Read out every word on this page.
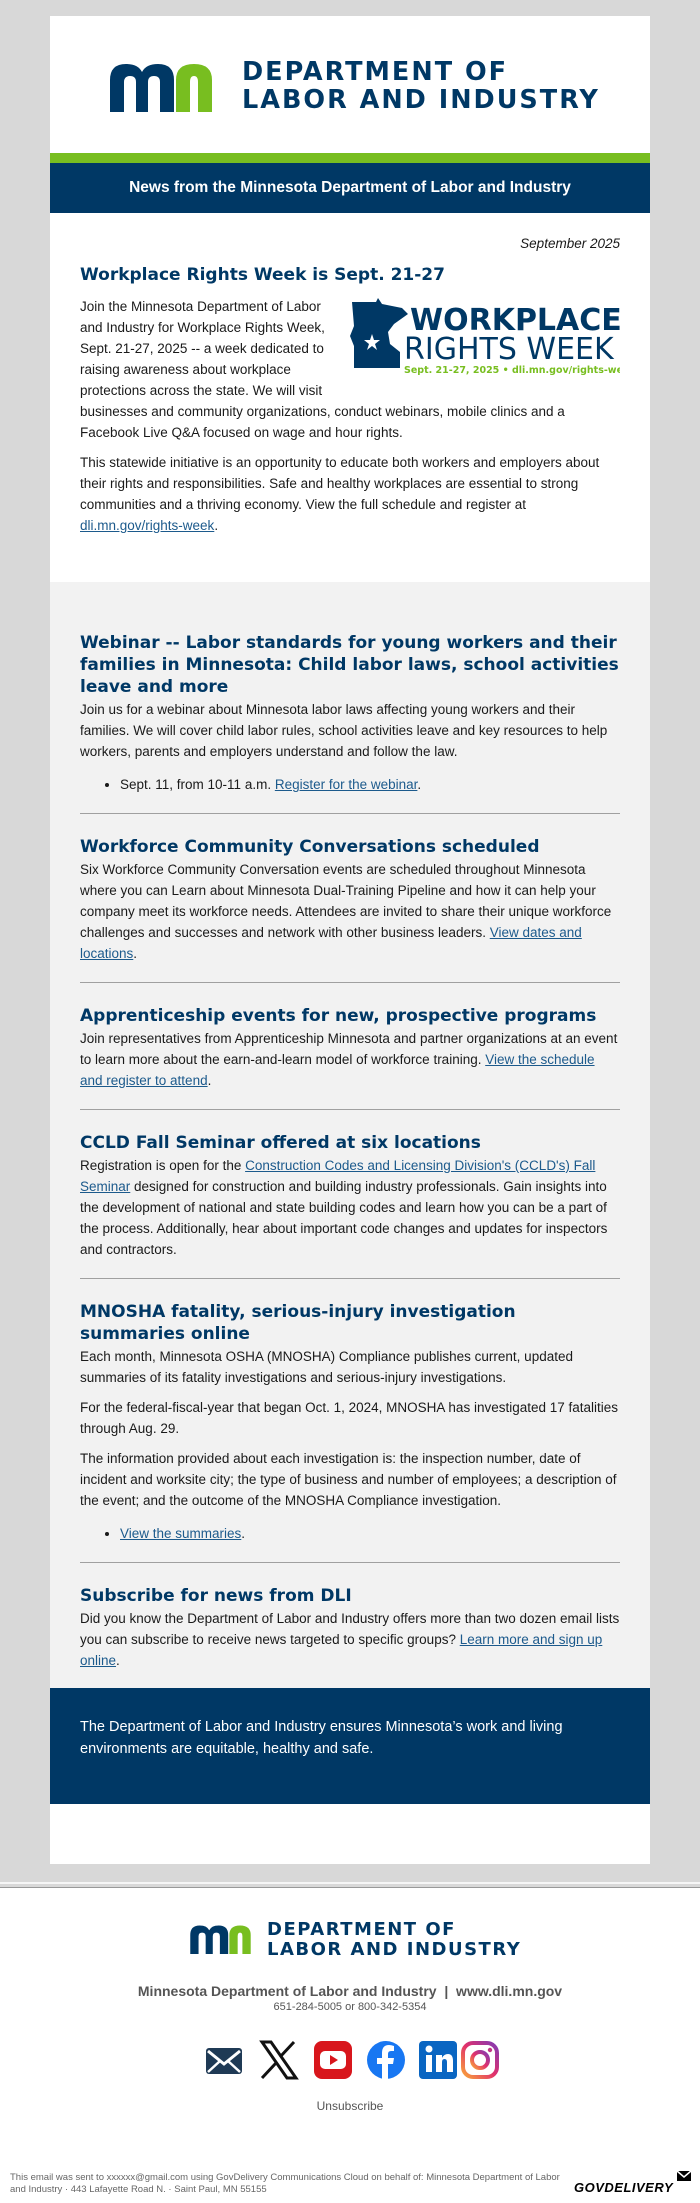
DEPARTMENT OF
LABOR AND INDUSTRY
News from the Minnesota Department of Labor and Industry
September 2025
Workplace Rights Week is Sept. 21-27
WORKPLACE
RIGHTS WEEK
Sept. 21-27, 2025 • dli.mn.gov/rights-week
Join the Minnesota Department of Labor and Industry for Workplace Rights Week, Sept. 21-27, 2025 -- a week dedicated to raising awareness about workplace protections across the state. We will visit businesses and community organizations, conduct webinars, mobile clinics and a Facebook Live Q&A focused on wage and hour rights.
This statewide initiative is an opportunity to educate both workers and employers about their rights and responsibilities. Safe and healthy workplaces are essential to strong communities and a thriving economy. View the full schedule and register at dli.mn.gov/rights-week.
Webinar -- Labor standards for young workers and their families in Minnesota: Child labor laws, school activities leave and more
Join us for a webinar about Minnesota labor laws affecting young workers and their families. We will cover child labor rules, school activities leave and key resources to help workers, parents and employers understand and follow the law.
• Sept. 11, from 10-11 a.m. Register for the webinar.
Workforce Community Conversations scheduled
Six Workforce Community Conversation events are scheduled throughout Minnesota where you can Learn about Minnesota Dual-Training Pipeline and how it can help your company meet its workforce needs. Attendees are invited to share their unique workforce challenges and successes and network with other business leaders. View dates and locations.
Apprenticeship events for new, prospective programs
Join representatives from Apprenticeship Minnesota and partner organizations at an event to learn more about the earn-and-learn model of workforce training. View the schedule and register to attend.
CCLD Fall Seminar offered at six locations
Registration is open for the Construction Codes and Licensing Division's (CCLD's) Fall Seminar designed for construction and building industry professionals. Gain insights into the development of national and state building codes and learn how you can be a part of the process. Additionally, hear about important code changes and updates for inspectors and contractors.
MNOSHA fatality, serious-injury investigation summaries online
Each month, Minnesota OSHA (MNOSHA) Compliance publishes current, updated summaries of its fatality investigations and serious-injury investigations.
For the federal-fiscal-year that began Oct. 1, 2024, MNOSHA has investigated 17 fatalities through Aug. 29.
The information provided about each investigation is: the inspection number, date of incident and worksite city; the type of business and number of employees; a description of the event; and the outcome of the MNOSHA Compliance investigation.
• View the summaries.
Subscribe for news from DLI
Did you know the Department of Labor and Industry offers more than two dozen email lists you can subscribe to receive news targeted to specific groups? Learn more and sign up online.
The Department of Labor and Industry ensures Minnesota’s work and living environments are equitable, healthy and safe.
DEPARTMENT OF
LABOR AND INDUSTRY
Minnesota Department of Labor and Industry  |  www.dli.mn.gov
651-284-5005 or 800-342-5354
Unsubscribe
This email was sent to xxxxxx@gmail.com using GovDelivery Communications Cloud on behalf of: Minnesota Department of Labor and Industry · 443 Lafayette Road N. · Saint Paul, MN 55155	GOVDELIVERY
